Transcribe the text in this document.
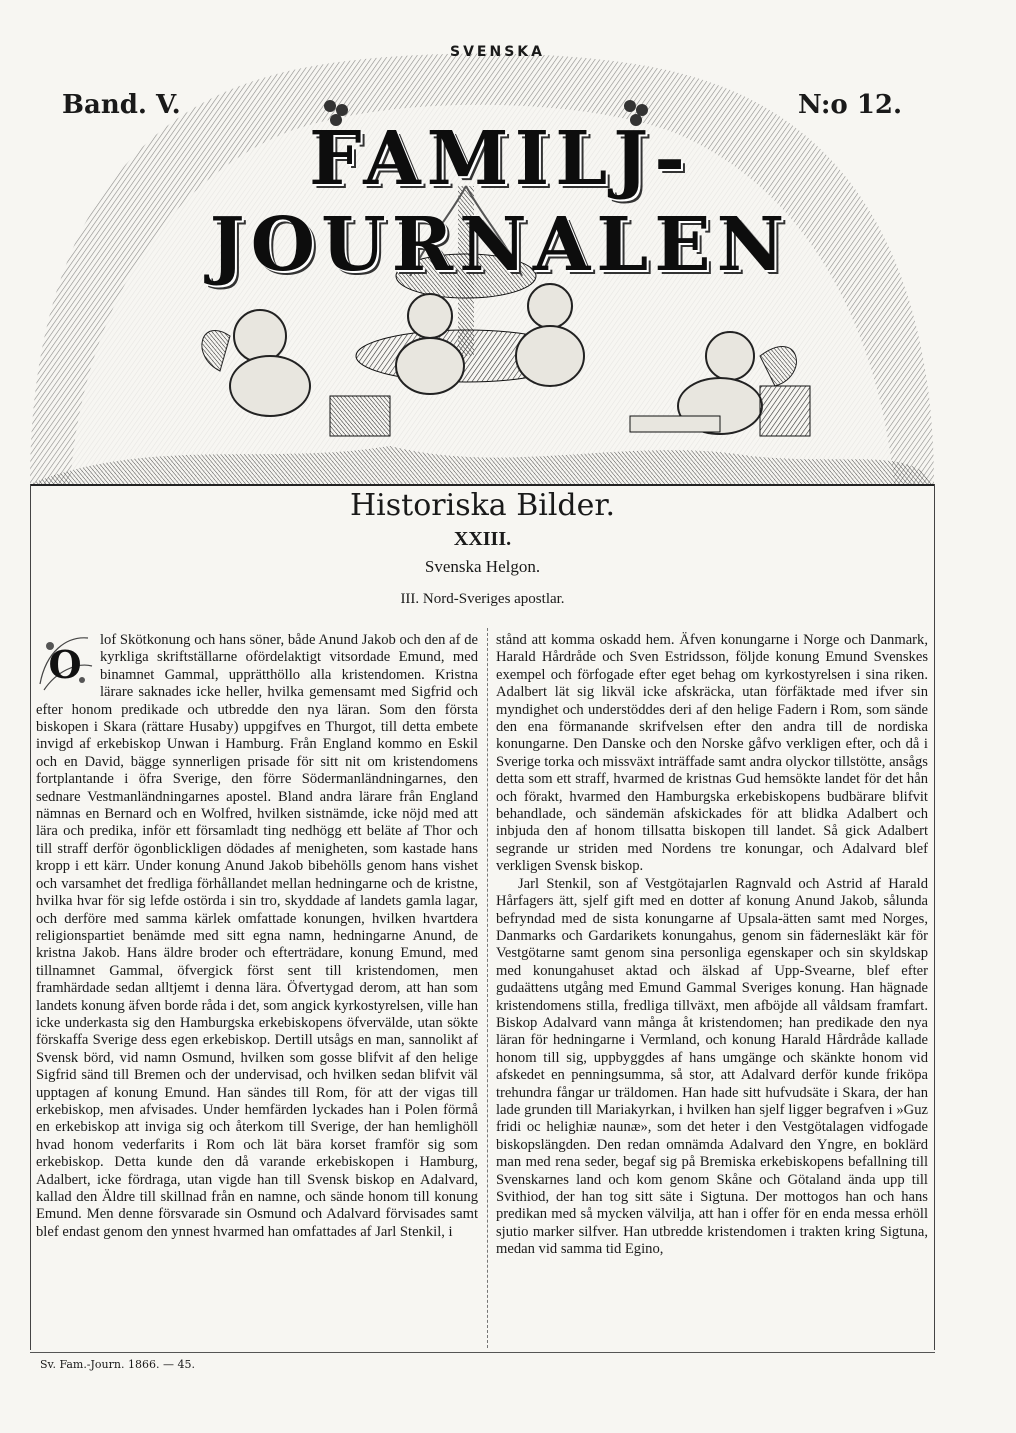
SVENSKA
Band. V.	N:o 12.
FAMILJ-JOURNALEN
Historiska Bilder.
XXIII.
Svenska Helgon.
III. Nord-Sveriges apostlar.
O

lof Skötkonung och hans söner, både Anund Jakob och den af de kyrkliga skriftställarne ofördelaktigt vitsordade Emund, med binamnet Gammal, upprätthöllo alla kristendomen. Kristna lärare saknades icke heller, hvilka gemensamt med Sigfrid och efter honom predikade och utbredde den nya läran. Som den första biskopen i Skara (rättare Husaby) uppgifves en Thurgot, till detta embete invigd af erkebiskop Unwan i Hamburg. Från England kommo en Eskil och en David, bägge synnerligen prisade för sitt nit om kristendomens fortplantande i öfra Sverige, den förre Södermanländningarnes, den sednare Vestmanländningarnes apostel. Bland andra lärare från England nämnas en Bernard och en Wolfred, hvilken sistnämde, icke nöjd med att lära och predika, inför ett församladt ting nedhögg ett beläte af Thor och till straff derför ögonblickligen dödades af menigheten, som kastade hans kropp i ett kärr. Under konung Anund Jakob bibehölls genom hans vishet och varsamhet det fredliga förhållandet mellan hedningarne och de kristne, hvilka hvar för sig lefde ostörda i sin tro, skyddade af landets gamla lagar, och derföre med samma kärlek omfattade konungen, hvilken hvartdera religionspartiet benämde med sitt egna namn, hedningarne Anund, de kristna Jakob. Hans äldre broder och efterträdare, konung Emund, med tillnamnet Gammal, öfvergick först sent till kristendomen, men framhärdade sedan alltjemt i denna lära. Öfvertygad derom, att han som landets konung äfven borde råda i det, som angick kyrkostyrelsen, ville han icke underkasta sig den Hamburgska erkebiskopens öfvervälde, utan sökte förskaffa Sverige dess egen erkebiskop. Dertill utsågs en man, sannolikt af Svensk börd, vid namn Osmund, hvilken som gosse blifvit af den helige Sigfrid sänd till Bremen och der undervisad, och hvilken sedan blifvit väl upptagen af konung Emund. Han sändes till Rom, för att der vigas till erkebiskop, men afvisades. Under hemfärden lyckades han i Polen förmå en erkebiskop att inviga sig och återkom till Sverige, der han hemlighöll hvad honom vederfarits i Rom och lät bära korset framför sig som erkebiskop. Detta kunde den då varande erkebiskopen i Hamburg, Adalbert, icke fördraga, utan vigde han till Svensk biskop en Adalvard, kallad den Äldre till skillnad från en namne, och sände honom till konung Emund. Men denne försvarade sin Osmund och Adalvard förvisades samt blef endast genom den ynnest hvarmed han omfattades af Jarl Stenkil, i

stånd att komma oskadd hem. Äfven konungarne i Norge och Danmark, Harald Hårdråde och Sven Estridsson, följde konung Emund Svenskes exempel och förfogade efter eget behag om kyrkostyrelsen i sina riken. Adalbert lät sig likväl icke afskräcka, utan förfäktade med ifver sin myndighet och understöddes deri af den helige Fadern i Rom, som sände den ena förmanande skrifvelsen efter den andra till de nordiska konungarne. Den Danske och den Norske gåfvo verkligen efter, och då i Sverige torka och missväxt inträffade samt andra olyckor tillstötte, ansågs detta som ett straff, hvarmed de kristnas Gud hemsökte landet för det hån och förakt, hvarmed den Hamburgska erkebiskopens budbärare blifvit behandlade, och sändemän afskickades för att blidka Adalbert och inbjuda den af honom tillsatta biskopen till landet. Så gick Adalbert segrande ur striden med Nordens tre konungar, och Adalvard blef verkligen Svensk biskop.

Jarl Stenkil, son af Vestgötajarlen Ragnvald och Astrid af Harald Hårfagers ätt, sjelf gift med en dotter af konung Anund Jakob, sålunda befryndad med de sista konungarne af Upsala-ätten samt med Norges, Danmarks och Gardarikets konungahus, genom sin fädernesläkt kär för Vestgötarne samt genom sina personliga egenskaper och sin skyldskap med konungahuset aktad och älskad af Upp-Svearne, blef efter gudaättens utgång med Emund Gammal Sveriges konung. Han hägnade kristendomens stilla, fredliga tillväxt, men afböjde all våldsam framfart. Biskop Adalvard vann många åt kristendomen; han predikade den nya läran för hedningarne i Vermland, och konung Harald Hårdråde kallade honom till sig, uppbyggdes af hans umgänge och skänkte honom vid afskedet en penningsumma, så stor, att Adalvard derför kunde friköpa trehundra fångar ur träldomen. Han hade sitt hufvudsäte i Skara, der han lade grunden till Mariakyrkan, i hvilken han sjelf ligger begrafven i »Guz fridi oc helighiæ naunæ», som det heter i den Vestgötalagen vidfogade biskopslängden. Den redan omnämda Adalvard den Yngre, en boklärd man med rena seder, begaf sig på Bremiska erkebiskopens befallning till Svenskarnes land och kom genom Skåne och Götaland ända upp till Svithiod, der han tog sitt säte i Sigtuna. Der mottogos han och hans predikan med så mycken välvilja, att han i offer för en enda messa erhöll sjutio marker silfver. Han utbredde kristendomen i trakten kring Sigtuna, medan vid samma tid Egino,

Sv. Fam.-Journ. 1866. — 45.
